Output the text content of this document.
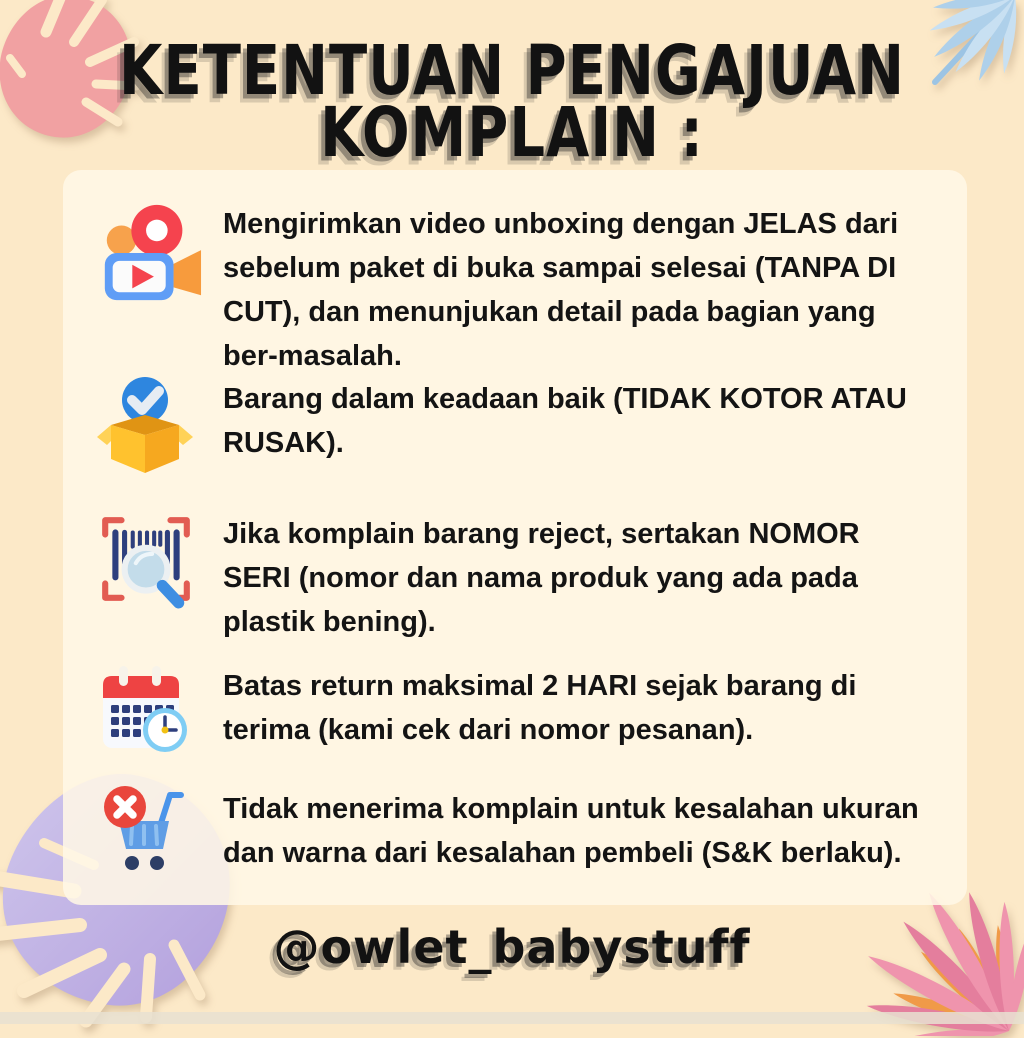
KETENTUAN PENGAJUAN
KOMPLAIN :
Mengirimkan video unboxing dengan JELAS dari sebelum paket di buka sampai selesai (TANPA DI CUT), dan menunjukan detail pada bagian yang ber-masalah.
Barang dalam keadaan baik (TIDAK KOTOR ATAU RUSAK).
Jika komplain barang reject, sertakan NOMOR SERI (nomor dan nama produk yang ada pada plastik bening).
Batas return maksimal 2 HARI sejak barang di terima (kami cek dari nomor pesanan).
Tidak menerima komplain untuk kesalahan ukuran dan warna dari kesalahan pembeli (S&K berlaku).
@owlet_babystuff
